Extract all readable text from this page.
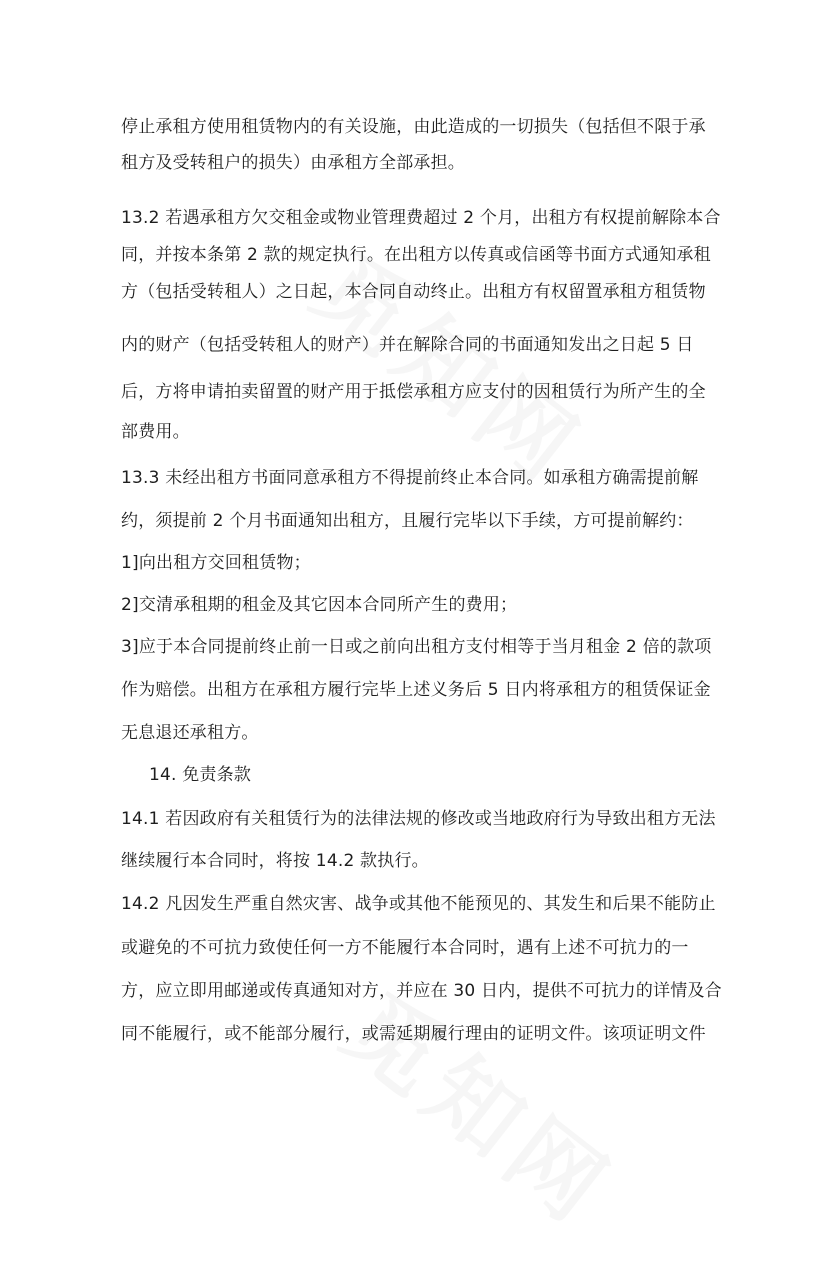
停止承租方使用租赁物内的有关设施，由此造成的一切损失（包括但不限于承
租方及受转租户的损失）由承租方全部承担。
13.2 若遇承租方欠交租金或物业管理费超过 2 个月，出租方有权提前解除本合
同，并按本条第 2 款的规定执行。在出租方以传真或信函等书面方式通知承租
方（包括受转租人）之日起，本合同自动终止。出租方有权留置承租方租赁物
内的财产（包括受转租人的财产）并在解除合同的书面通知发出之日起 5 日
后，方将申请拍卖留置的财产用于抵偿承租方应支付的因租赁行为所产生的全
部费用。
13.3 未经出租方书面同意承租方不得提前终止本合同。如承租方确需提前解
约，须提前 2 个月书面通知出租方，且履行完毕以下手续，方可提前解约：
1]向出租方交回租赁物；
2]交清承租期的租金及其它因本合同所产生的费用；
3]应于本合同提前终止前一日或之前向出租方支付相等于当月租金 2 倍的款项
作为赔偿。出租方在承租方履行完毕上述义务后 5 日内将承租方的租赁保证金
无息退还承租方。
14. 免责条款
14.1 若因政府有关租赁行为的法律法规的修改或当地政府行为导致出租方无法
继续履行本合同时，将按 14.2 款执行。
14.2 凡因发生严重自然灾害、战争或其他不能预见的、其发生和后果不能防止
或避免的不可抗力致使任何一方不能履行本合同时，遇有上述不可抗力的一
方，应立即用邮递或传真通知对方，并应在 30 日内，提供不可抗力的详情及合
同不能履行，或不能部分履行，或需延期履行理由的证明文件。该项证明文件
